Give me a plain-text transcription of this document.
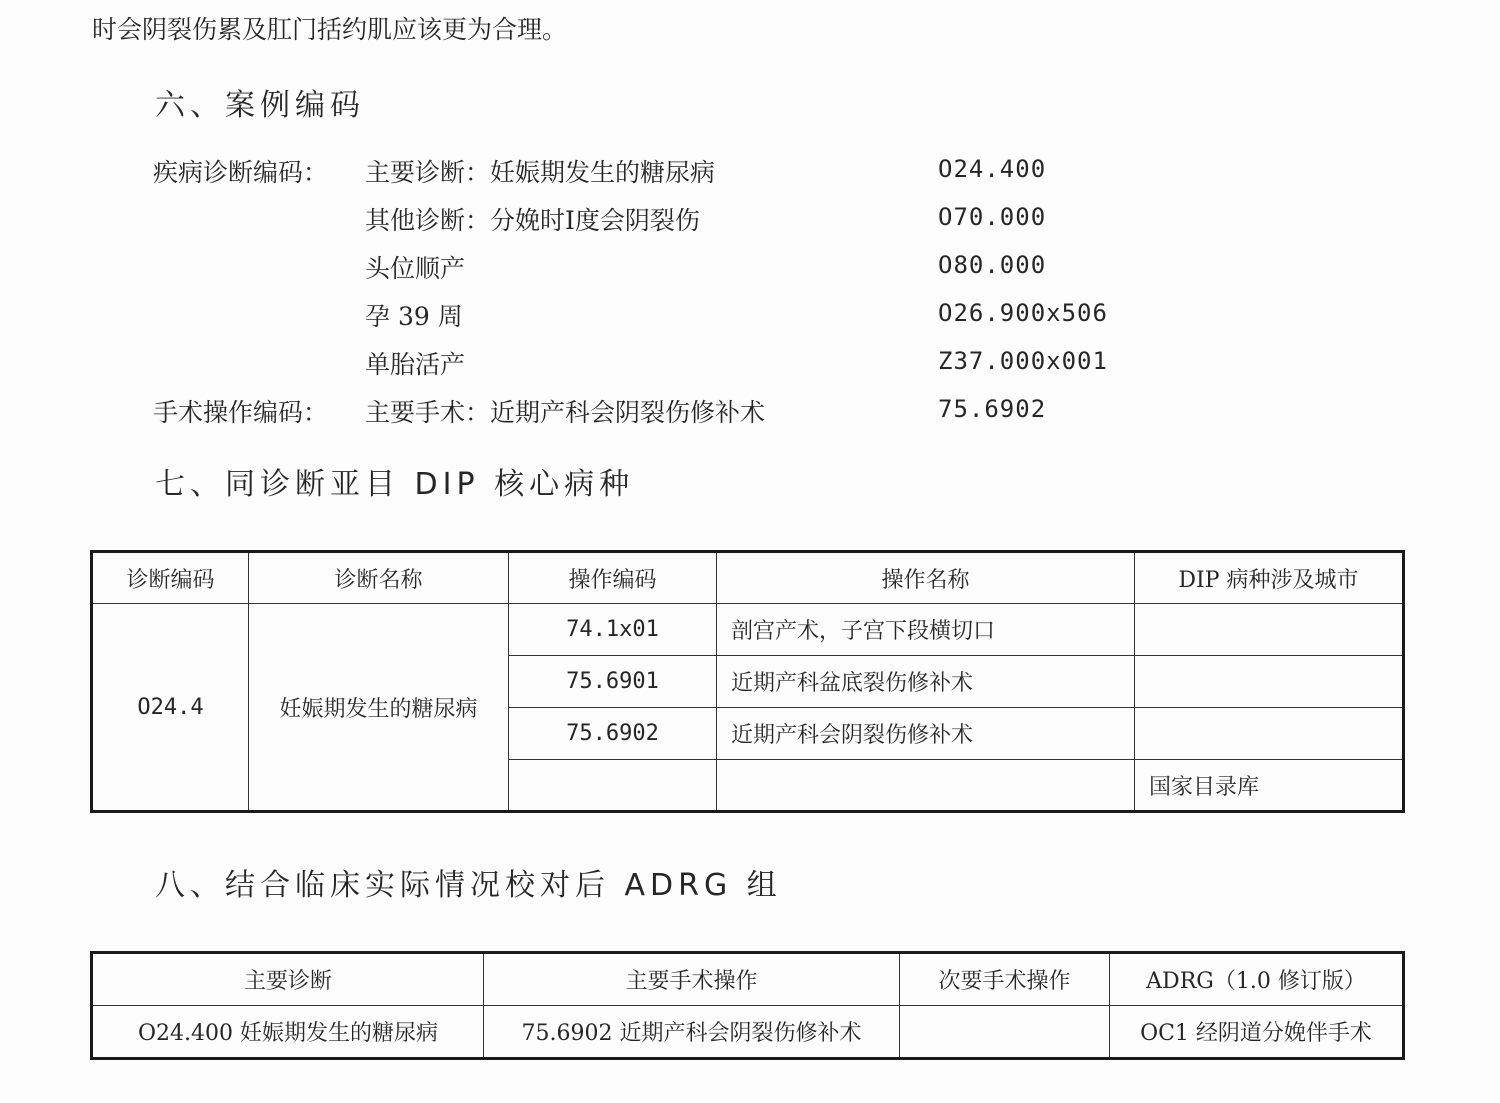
时会阴裂伤累及肛门括约肌应该更为合理。
六、案例编码
疾病诊断编码： 主要诊断：妊娠期发生的糖尿病	O24.400
其他诊断：分娩时Ⅰ度会阴裂伤	O70.000
头位顺产	O80.000
孕 39 周	O26.900x506
单胎活产	Z37.000x001
手术操作编码： 主要手术：近期产科会阴裂伤修补术	75.6902
七、同诊断亚目 DIP 核心病种
诊断编码	诊断名称	操作编码	操作名称	DIP 病种涉及城市
O24.4	妊娠期发生的糖尿病	74.1x01	剖宫产术，子宫下段横切口	
		75.6901	近期产科盆底裂伤修补术	
		75.6902	近期产科会阴裂伤修补术	
				国家目录库
八、结合临床实际情况校对后 ADRG 组
主要诊断	主要手术操作	次要手术操作	ADRG（1.0 修订版）
O24.400 妊娠期发生的糖尿病	75.6902 近期产科会阴裂伤修补术		OC1 经阴道分娩伴手术
